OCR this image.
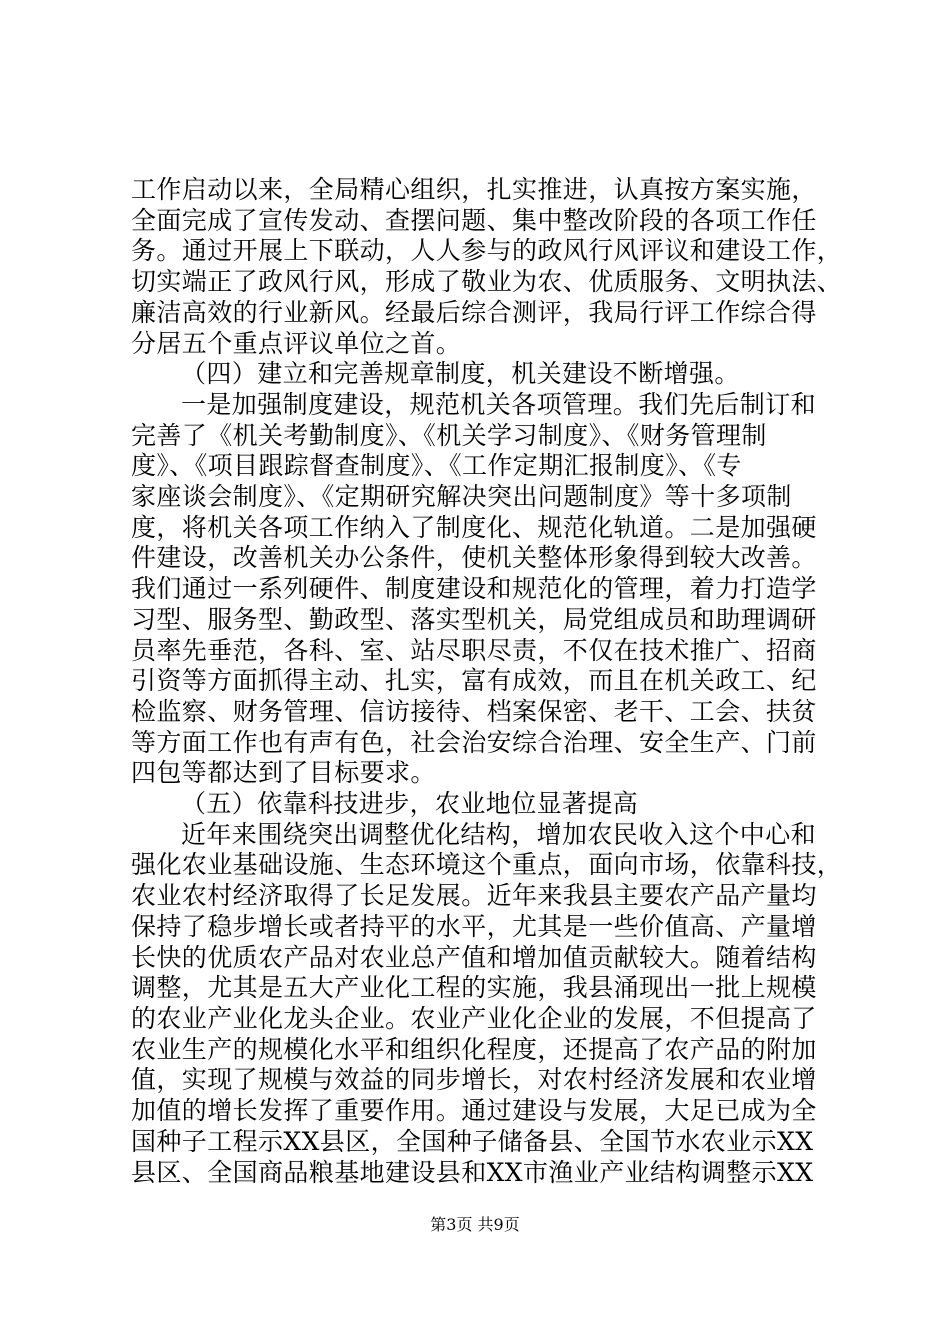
工作启动以来，全局精心组织，扎实推进，认真按方案实施，
全面完成了宣传发动、查摆问题、集中整改阶段的各项工作任
务。通过开展上下联动，人人参与的政风行风评议和建设工作，
切实端正了政风行风，形成了敬业为农、优质服务、文明执法、
廉洁高效的行业新风。经最后综合测评，我局行评工作综合得
分居五个重点评议单位之首。
（四）建立和完善规章制度，机关建设不断增强。
一是加强制度建设，规范机关各项管理。我们先后制订和
完善了《机关考勤制度》、《机关学习制度》、《财务管理制
度》、《项目跟踪督查制度》、《工作定期汇报制度》、《专
家座谈会制度》、《定期研究解决突出问题制度》等十多项制
度，将机关各项工作纳入了制度化、规范化轨道。二是加强硬
件建设，改善机关办公条件，使机关整体形象得到较大改善。
我们通过一系列硬件、制度建设和规范化的管理，着力打造学
习型、服务型、勤政型、落实型机关，局党组成员和助理调研
员率先垂范，各科、室、站尽职尽责，不仅在技术推广、招商
引资等方面抓得主动、扎实，富有成效，而且在机关政工、纪
检监察、财务管理、信访接待、档案保密、老干、工会、扶贫
等方面工作也有声有色，社会治安综合治理、安全生产、门前
四包等都达到了目标要求。
（五）依靠科技进步，农业地位显著提高
近年来围绕突出调整优化结构，增加农民收入这个中心和
强化农业基础设施、生态环境这个重点，面向市场，依靠科技，
农业农村经济取得了长足发展。近年来我县主要农产品产量均
保持了稳步增长或者持平的水平，尤其是一些价值高、产量增
长快的优质农产品对农业总产值和增加值贡献较大。随着结构
调整，尤其是五大产业化工程的实施，我县涌现出一批上规模
的农业产业化龙头企业。农业产业化企业的发展，不但提高了
农业生产的规模化水平和组织化程度，还提高了农产品的附加
值，实现了规模与效益的同步增长，对农村经济发展和农业增
加值的增长发挥了重要作用。通过建设与发展，大足已成为全
国种子工程示XX县区，全国种子储备县、全国节水农业示XX
县区、全国商品粮基地建设县和XX市渔业产业结构调整示XX
第3页 共9页
